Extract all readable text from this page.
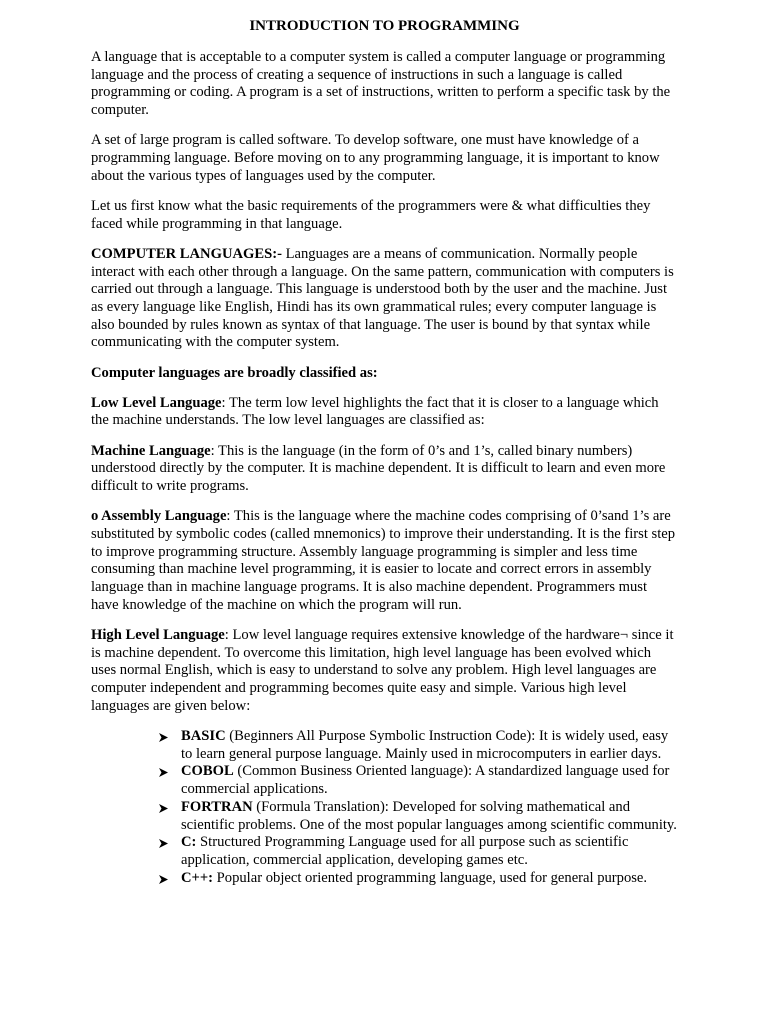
INTRODUCTION TO PROGRAMMING

A language that is acceptable to a computer system is called a computer language or programming language and the process of creating a sequence of instructions in such a language is called programming or coding. A program is a set of instructions, written to perform a specific task by the computer.

A set of large program is called software. To develop software, one must have knowledge of a programming language. Before moving on to any programming language, it is important to know about the various types of languages used by the computer.

Let us first know what the basic requirements of the programmers were & what difficulties they faced while programming in that language.

COMPUTER LANGUAGES:- Languages are a means of communication. Normally people interact with each other through a language. On the same pattern, communication with computers is carried out through a language. This language is understood both by the user and the machine. Just as every language like English, Hindi has its own grammatical rules; every computer language is also bounded by rules known as syntax of that language. The user is bound by that syntax while communicating with the computer system.

Computer languages are broadly classified as:

Low Level Language: The term low level highlights the fact that it is closer to a language which the machine understands. The low level languages are classified as:

Machine Language: This is the language (in the form of 0’s and 1’s, called binary numbers) understood directly by the computer. It is machine dependent. It is difficult to learn and even more difficult to write programs.

o Assembly Language: This is the language where the machine codes comprising of 0’sand 1’s are substituted by symbolic codes (called mnemonics) to improve their understanding. It is the first step to improve programming structure. Assembly language programming is simpler and less time consuming than machine level programming, it is easier to locate and correct errors in assembly language than in machine language programs. It is also machine dependent. Programmers must have knowledge of the machine on which the program will run.

High Level Language: Low level language requires extensive knowledge of the hardware¬ since it is machine dependent. To overcome this limitation, high level language has been evolved which uses normal English, which is easy to understand to solve any problem. High level languages are computer independent and programming becomes quite easy and simple. Various high level languages are given below:

BASIC (Beginners All Purpose Symbolic Instruction Code): It is widely used, easy to learn general purpose language. Mainly used in microcomputers in earlier days.
COBOL (Common Business Oriented language): A standardized language used for commercial applications.
FORTRAN (Formula Translation): Developed for solving mathematical and scientific problems. One of the most popular languages among scientific community.
C: Structured Programming Language used for all purpose such as scientific application, commercial application, developing games etc.
C++: Popular object oriented programming language, used for general purpose.
